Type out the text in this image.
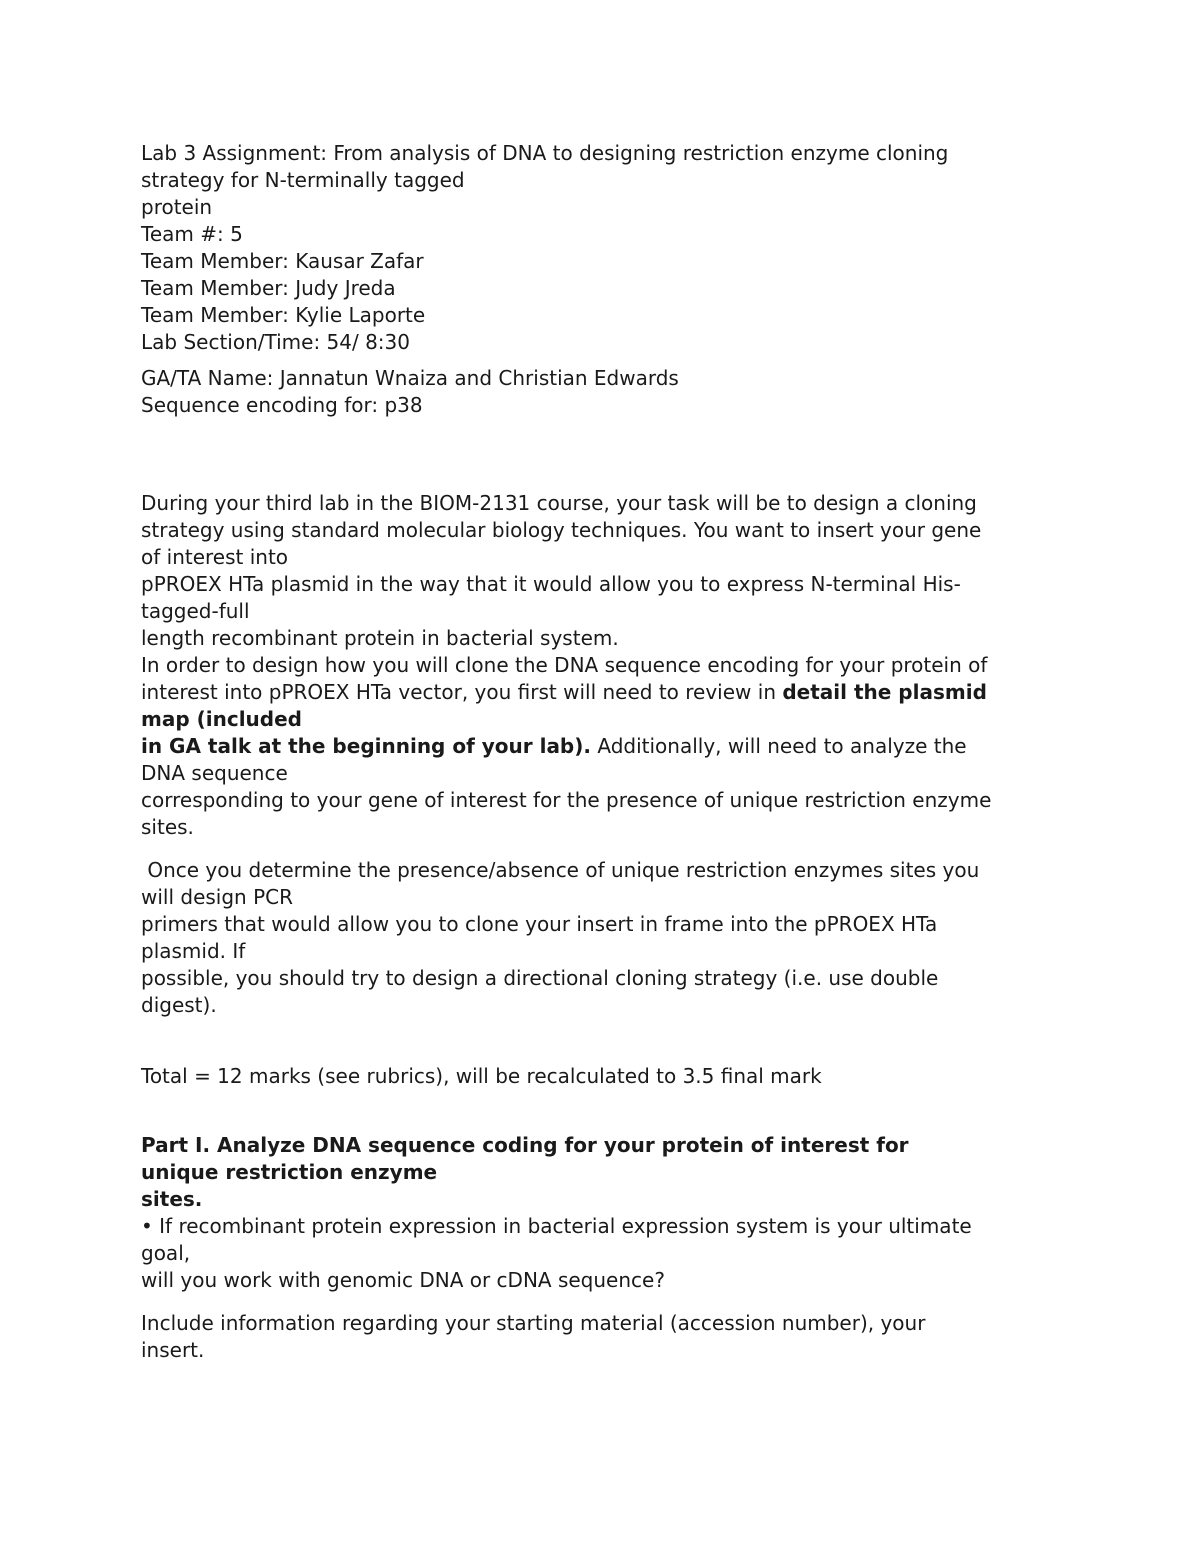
Lab 3 Assignment: From analysis of DNA to designing restriction enzyme cloning
strategy for N-terminally tagged
protein
Team #: 5
Team Member: Kausar Zafar
Team Member: Judy Jreda
Team Member: Kylie Laporte
Lab Section/Time: 54/ 8:30
GA/TA Name: Jannatun Wnaiza and Christian Edwards
Sequence encoding for: p38
During your third lab in the BIOM-2131 course, your task will be to design a cloning
strategy using standard molecular biology techniques. You want to insert your gene
of interest into
pPROEX HTa plasmid in the way that it would allow you to express N-terminal His-
tagged-full
length recombinant protein in bacterial system.
In order to design how you will clone the DNA sequence encoding for your protein of
interest into pPROEX HTa vector, you first will need to review in detail the plasmid
map (included
in GA talk at the beginning of your lab). Additionally, will need to analyze the
DNA sequence
corresponding to your gene of interest for the presence of unique restriction enzyme
sites.
Once you determine the presence/absence of unique restriction enzymes sites you
will design PCR
primers that would allow you to clone your insert in frame into the pPROEX HTa
plasmid. If
possible, you should try to design a directional cloning strategy (i.e. use double
digest).
Total = 12 marks (see rubrics), will be recalculated to 3.5 final mark
Part I. Analyze DNA sequence coding for your protein of interest for
unique restriction enzyme
sites.
• If recombinant protein expression in bacterial expression system is your ultimate
goal,
will you work with genomic DNA or cDNA sequence?
Include information regarding your starting material (accession number), your
insert.
